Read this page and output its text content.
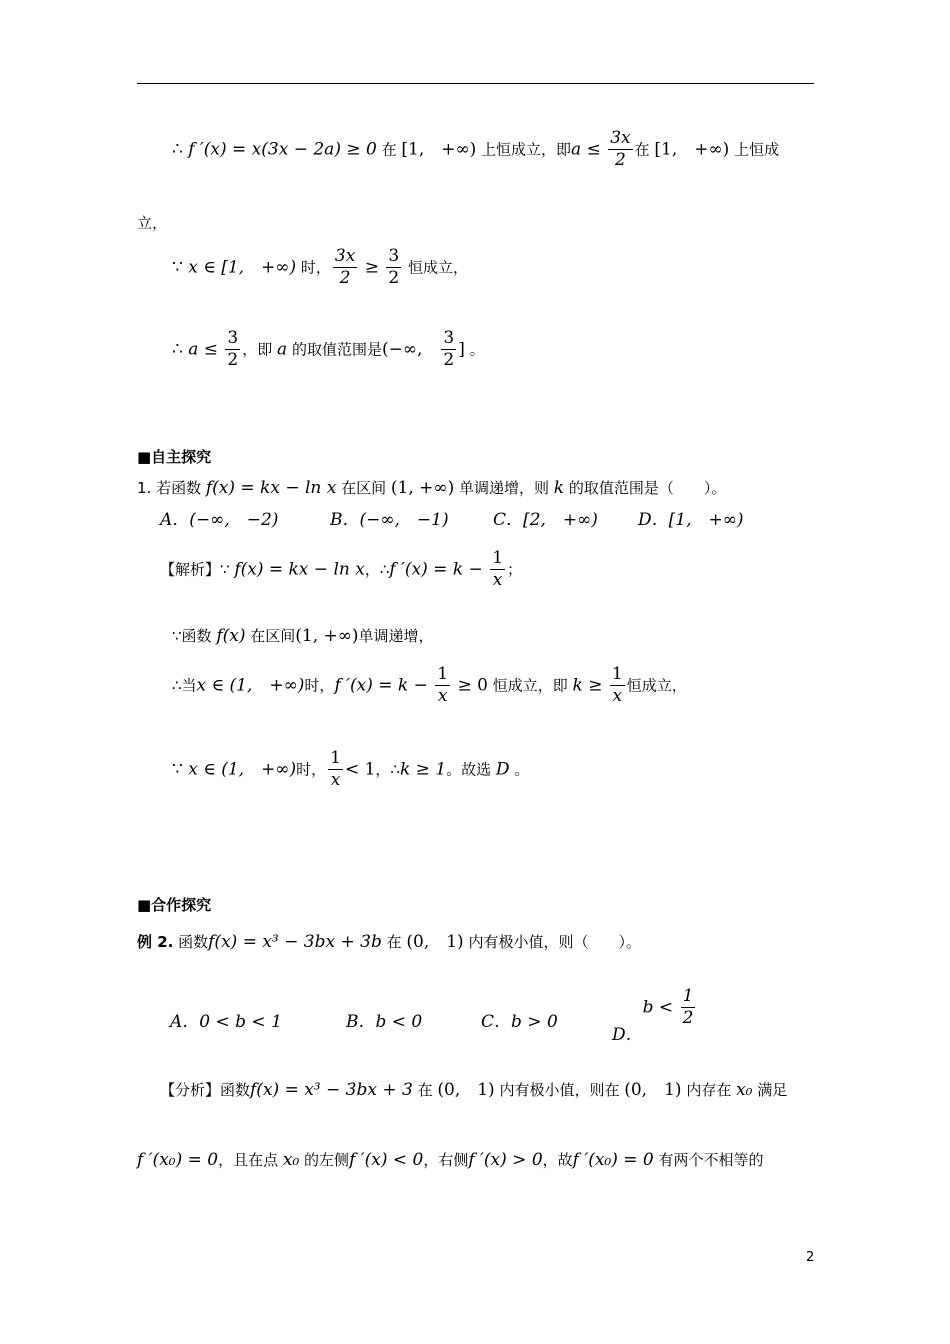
∴ f ′(x) = x(3x − 2a) ≥ 0 在 [1,　+∞) 上恒成立，即$a \le \frac{3x}{2}$ 在 [1,　+∞) 上恒成
立，
∵ x ∈ [1,　+∞) 时， $\frac{3x}{2} \ge \frac{3}{2}$ 恒成立，
∴ $a \le \frac{3}{2}$ ，即 a 的取值范围是(−∞,　 $\frac{3}{2}$ ] 。
■自主探究
1. 若函数 f(x) = kx − ln x 在区间 (1, +∞) 单调递增，则 k 的取值范围是（　　）。
A．(−∞,　−2)	B．(−∞,　−1)	C．[2,　+∞) D．[1,　+∞)
【解析】∵ f(x) = kx − ln x，∴f $'(x) = k - \frac{1}{x}$ ；
∵函数 f(x) 在区间(1, +∞)单调递增，
∴当x ∈ (1,　+∞)时，f $'(x) = k - \frac{1}{x} \ge 0$ 恒成立，即 $k \ge \frac{1}{x}$ 恒成立，
∵ x ∈ (1,　+∞)时， $\frac{1}{x} < 1$，∴k ≥ 1。故选 D 。
■合作探究
例 2. 函数f(x) = x³ − 3bx + 3b 在 (0,　1) 内有极小值，则（　　）。
A．0 < b < 1	B．b < 0	C．b > 0
D．$b < \frac{1}{2}$
【分析】函数f(x) = x³ − 3bx + 3 在 (0,　1) 内有极小值，则在 (0,　1) 内存在 x₀ 满足
f ′(x₀) = 0，且在点 x₀ 的左侧f ′(x) < 0，右侧f ′(x) > 0，故f ′(x₀) = 0 有两个不相等的
2
